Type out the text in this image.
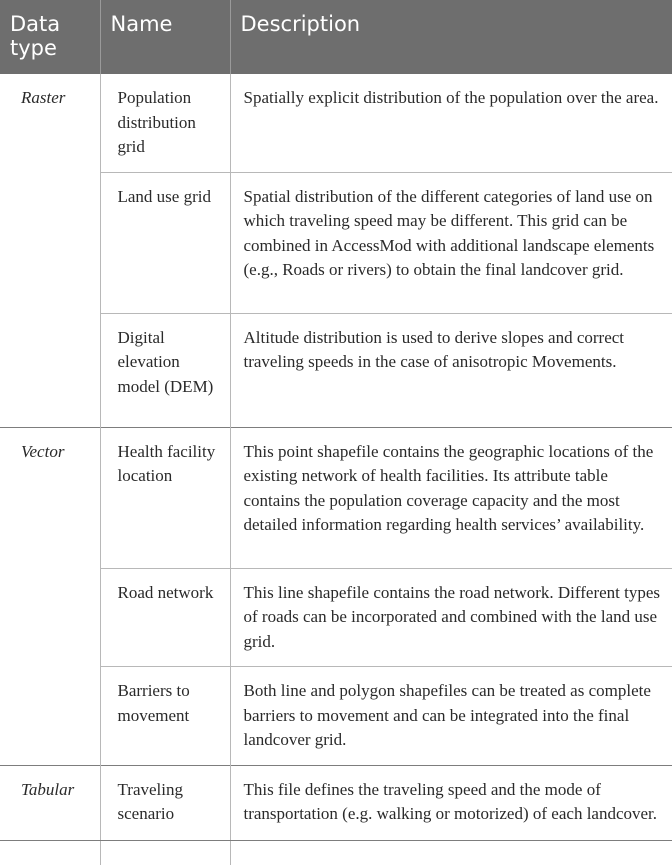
Data type	Name	Description
Raster	Population distribution grid	Spatially explicit distribution of the population over the area.
	Land use grid	Spatial distribution of the different categories of land use on which traveling speed may be different. This grid can be combined in AccessMod with additional landscape elements (e.g., Roads or rivers) to obtain the final landcover grid.
	Digital elevation model (DEM)	Altitude distribution is used to derive slopes and correct traveling speeds in the case of anisotropic Movements.
Vector	Health facility location	This point shapefile contains the geographic locations of the existing network of health facilities. Its attribute table contains the population coverage capacity and the most detailed information regarding health services’ availability.
	Road network	This line shapefile contains the road network. Different types of roads can be incorporated and combined with the land use grid.
	Barriers to movement	Both line and polygon shapefiles can be treated as complete barriers to movement and can be integrated into the final landcover grid.
Tabular	Traveling scenario	This file defines the traveling speed and the mode of transportation (e.g. walking or motorized) of each landcover.
